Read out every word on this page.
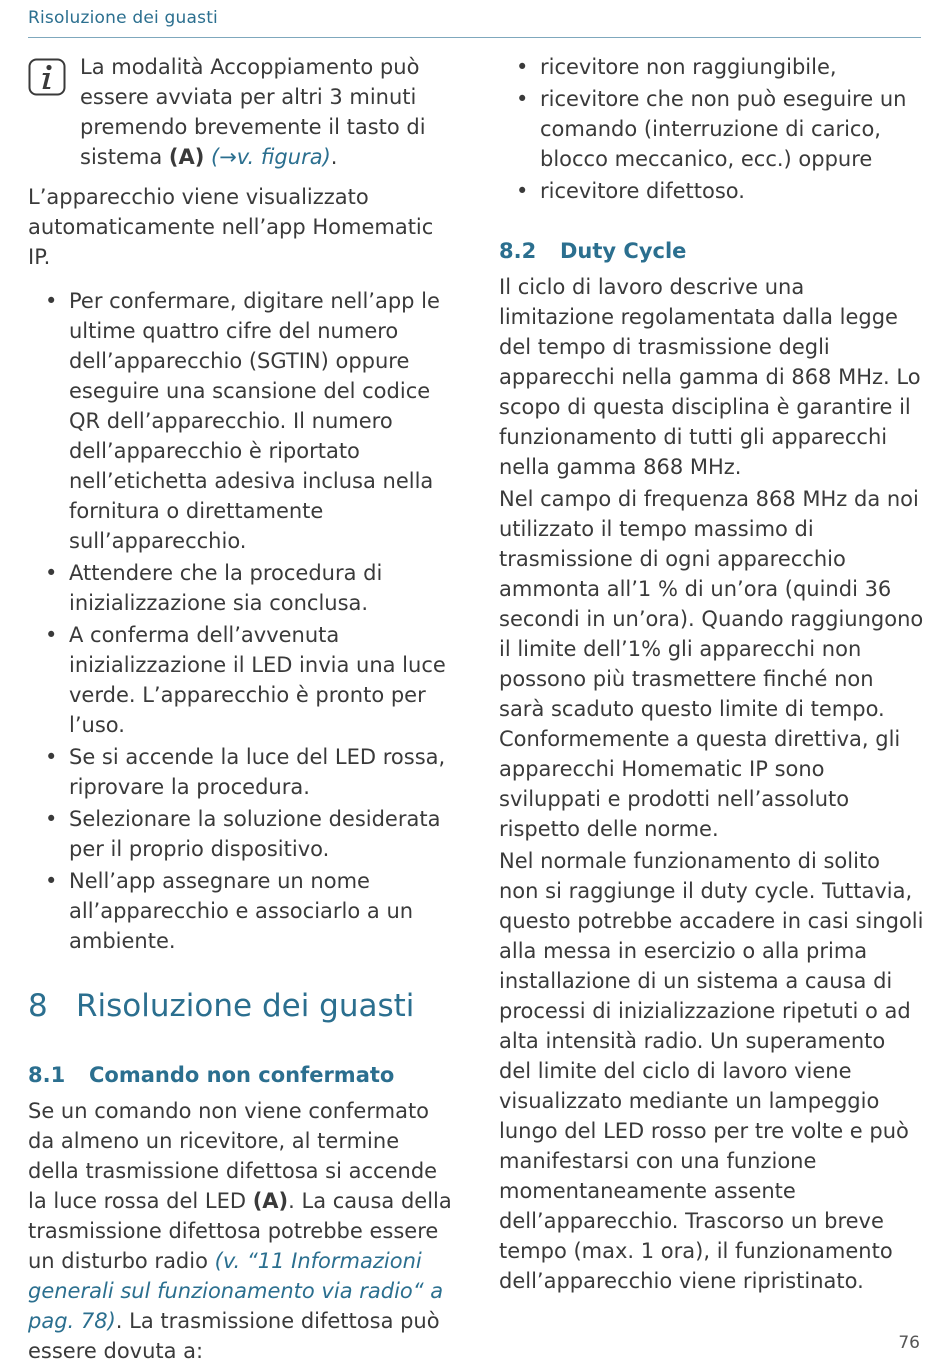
Risoluzione dei guasti

La modalità Accoppiamento può essere avviata per altri 3 minuti premendo brevemente il tasto di sistema (A) (→v. figura).

L’apparecchio viene visualizzato automaticamente nell’app Homematic IP.

• Per confermare, digitare nell’app le ultime quattro cifre del numero dell’apparecchio (SGTIN) oppure eseguire una scansione del codice QR dell’apparecchio. Il numero dell’apparecchio è riportato nell’etichetta adesiva inclusa nella fornitura o direttamente sull’apparecchio.
• Attendere che la procedura di inizializzazione sia conclusa.
• A conferma dell’avvenuta inizializzazione il LED invia una luce verde. L’apparecchio è pronto per l’uso.
• Se si accende la luce del LED rossa, riprovare la procedura.
• Selezionare la soluzione desiderata per il proprio dispositivo.
• Nell’app assegnare un nome all’apparecchio e associarlo a un ambiente.
8 Risoluzione dei guasti
8.1	Comando non confermato

Se un comando non viene confermato da almeno un ricevitore, al termine della trasmissione difettosa si accende la luce rossa del LED (A). La causa della trasmissione difettosa potrebbe essere un disturbo radio (v. “11 Informazioni generali sul funzionamento via radio“ a pag. 78). La trasmissione difettosa può essere dovuta a:

• ricevitore non raggiungibile,
• ricevitore che non può eseguire un comando (interruzione di carico, blocco meccanico, ecc.) oppure
• ricevitore difettoso.
8.2	Duty Cycle

Il ciclo di lavoro descrive una limitazione regolamentata dalla legge del tempo di trasmissione degli apparecchi nella gamma di 868 MHz. Lo scopo di questa disciplina è garantire il funzionamento di tutti gli apparecchi nella gamma 868 MHz.

Nel campo di frequenza 868 MHz da noi utilizzato il tempo massimo di trasmissione di ogni apparecchio ammonta all’1 % di un’ora (quindi 36 secondi in un’ora). Quando raggiungono il limite dell’1% gli apparecchi non possono più trasmettere finché non sarà scaduto questo limite di tempo. Conformemente a questa direttiva, gli apparecchi Homematic IP sono sviluppati e prodotti nell’assoluto rispetto delle norme.

Nel normale funzionamento di solito non si raggiunge il duty cycle. Tuttavia, questo potrebbe accadere in casi singoli alla messa in esercizio o alla prima installazione di un sistema a causa di processi di inizializzazione ripetuti o ad alta intensità radio. Un superamento del limite del ciclo di lavoro viene visualizzato mediante un lampeggio lungo del LED rosso per tre volte e può manifestarsi con una funzione momentaneamente assente dell’apparecchio. Trascorso un breve tempo (max. 1 ora), il funzionamento dell’apparecchio viene ripristinato.

76
